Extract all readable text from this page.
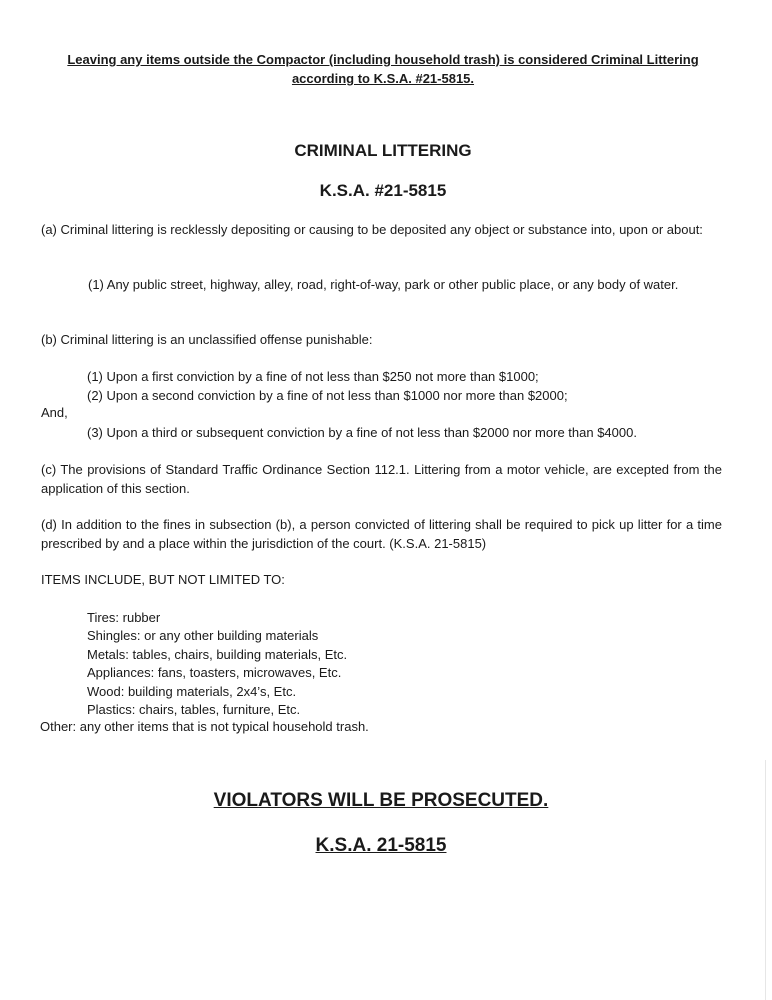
Leaving any items outside the Compactor (including household trash) is considered Criminal Littering
according to K.S.A. #21-5815.
CRIMINAL LITTERING
K.S.A. #21-5815
(a) Criminal littering is recklessly depositing or causing to be deposited any object or substance into, upon or about:
(1) Any public street, highway, alley, road, right-of-way, park or other public place, or any body of water.
(b) Criminal littering is an unclassified offense punishable:
(1) Upon a first conviction by a fine of not less than $250 not more than $1000;
(2) Upon a second conviction by a fine of not less than $1000 nor more than $2000;
And,
(3) Upon a third or subsequent conviction by a fine of not less than $2000 nor more than $4000.
(c) The provisions of Standard Traffic Ordinance Section 112.1. Littering from a motor vehicle, are excepted from the application of this section.
(d) In addition to the fines in subsection (b), a person convicted of littering shall be required to pick up litter for a time prescribed by and a place within the jurisdiction of the court. (K.S.A. 21-5815)
ITEMS INCLUDE, BUT NOT LIMITED TO:
Tires: rubber
Shingles: or any other building materials
Metals: tables, chairs, building materials, Etc.
Appliances: fans, toasters, microwaves, Etc.
Wood: building materials, 2x4’s, Etc.
Plastics: chairs, tables, furniture, Etc.
Other: any other items that is not typical household trash.
VIOLATORS WILL BE PROSECUTED.
K.S.A. 21-5815
